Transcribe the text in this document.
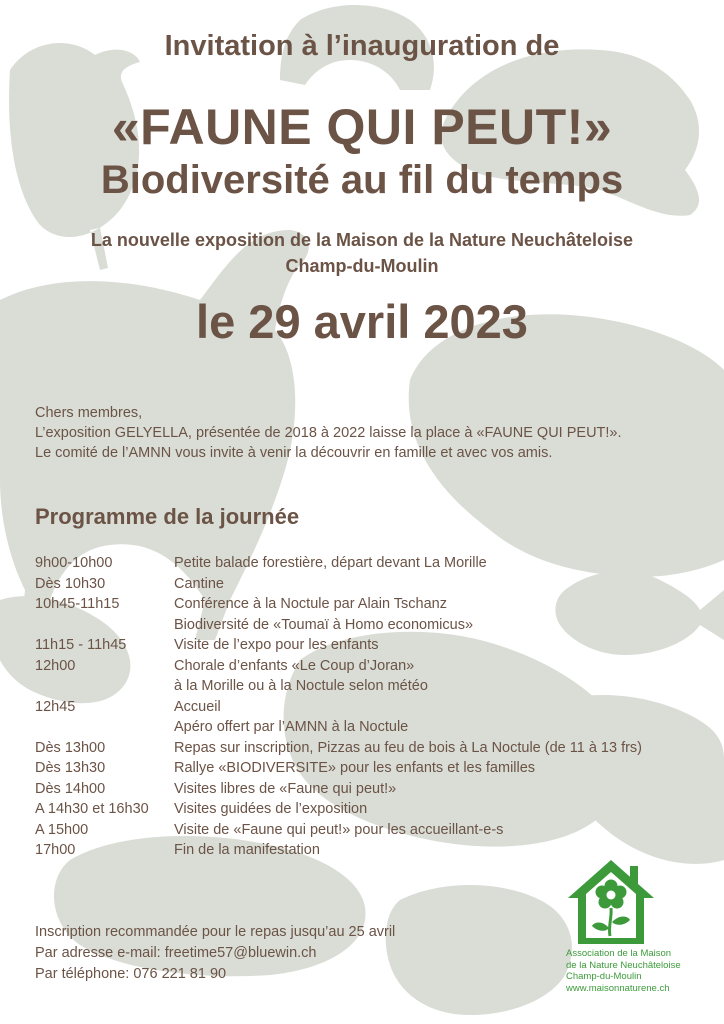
Invitation à l’inauguration de
«FAUNE QUI PEUT!»
Biodiversité au fil du temps
La nouvelle exposition de la Maison de la Nature Neuchâteloise
Champ-du-Moulin
le 29 avril 2023
Chers membres,
L’exposition GELYELLA, présentée de 2018 à 2022 laisse la place à «FAUNE QUI PEUT!».
Le comité de l’AMNN vous invite à venir la découvrir en famille et avec vos amis.
Programme de la journée
9h00-10h00	Petite balade forestière, départ devant La Morille
Dès 10h30	Cantine
10h45-11h15	Conférence à la Noctule par Alain Tschanz
Biodiversité de «Toumaï à Homo economicus»
11h15 - 11h45	Visite de l’expo pour les enfants
12h00	Chorale d’enfants «Le Coup d’Joran»
à la Morille ou à la Noctule selon météo
12h45	Accueil
Apéro offert par l’AMNN à la Noctule
Dès 13h00	Repas sur inscription, Pizzas au feu de bois à La Noctule (de 11 à 13 frs)
Dès 13h30	Rallye «BIODIVERSITE» pour les enfants et les familles
Dès 14h00	Visites libres de «Faune qui peut!»
A 14h30 et 16h30	Visites guidées de l’exposition
A 15h00	Visite de «Faune qui peut!» pour les accueillant-e-s
17h00	Fin de la manifestation
Inscription recommandée pour le repas jusqu’au 25 avril
Par adresse e-mail: freetime57@bluewin.ch
Par téléphone: 076 221 81 90
Association de la Maison
de la Nature Neuchâteloise
Champ-du-Moulin
www.maisonnaturene.ch
